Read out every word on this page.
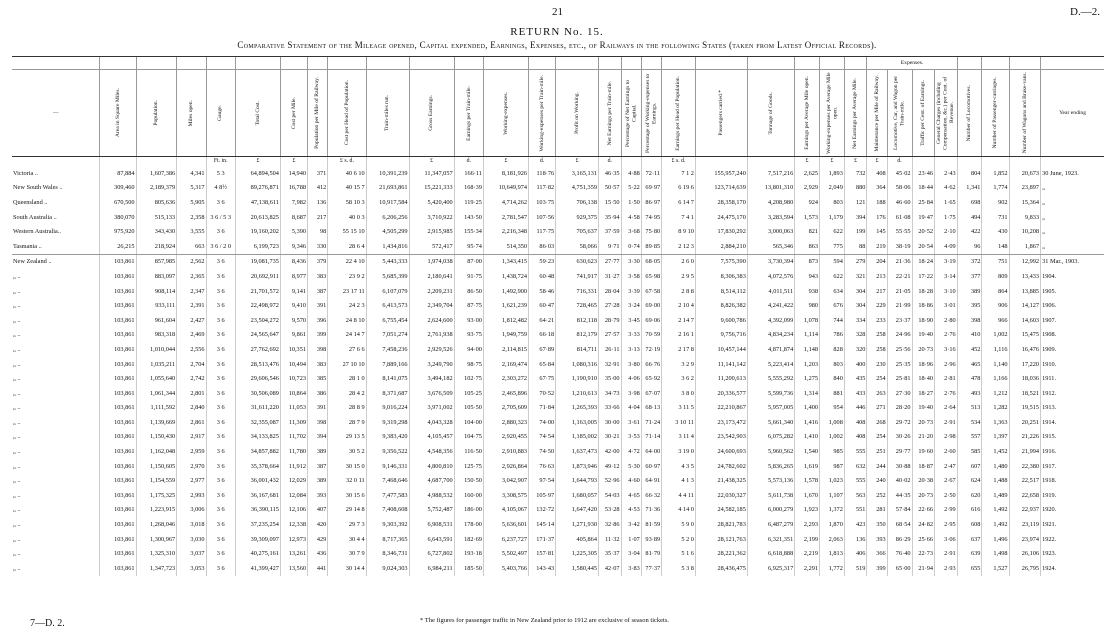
21	D.—2.
RETURN No. 15.
Comparative Statement of the Mileage opened, Capital expended, Earnings, Expenses, etc., of Railways in the following States (taken from Latest Official Records).
																								Expenses.							
—	Area in Square Miles.	Population.	Miles open.	Gauge.	Total Cost.	Cost per Mile.	Population per Mile of Railway.	Cost per Head of Population.	Train-miles run.	Gross Earnings.	Earnings per Train-mile.	Working-expenses.	Working-expenses per Train-mile.	Profit on Working.	Net Earnings per Train-mile.	Percentage of Net Earnings to Capital.	Percentage of Working-expenses to Earnings.	Earnings per Head of Population.	Passengers carried.*	Tonnage of Goods.	Earnings per Average Mile open.	Working-expenses per Average Mile open.	Net Earnings per Average Mile.	Maintenance per Mile of Railway.	Locomotive, Car, and Wagon per Train-mile.	Traffic per Cent. of Earnings.	General Charges (including Compensation, &c.) per Cent. of Revenue.	Number of Locomotives.	Number of Passenger-carriages.	Number of Wagons and Brake-vans.	Year ending
				Ft. in.	£	£		£ s. d.		£	d.	£	d.	£	d.			£ s. d.			£	£	£	£	d.						
Victoria ..	87,884	1,607,386	4,341	5 3	64,894,504	14,940	371	40 6 10	10,391,239	11,347,057	166·11	8,181,926	118·76	3,165,131	46·35	4·88	72·11	7 1 2	155,957,240	7,517,216	2,625	1,893	732	408	45·02	23·46	2·43	804	1,852	20,673	30 June, 1923.
New South Wales ..	309,460	2,189,379	5,317	4 8½	89,276,871	16,788	412	40 15 7	21,693,861	15,221,333	168·39	10,649,974	117·82	4,751,359	50·57	5·22	69·97	6 19 6	123,714,639	13,801,310	2,929	2,049	880	364	58·06	18·44	4·62	1,341	1,774	23,897	„
Queensland ..	670,500	805,636	5,905	3 6	47,138,611	7,982	136	58 10 3	10,917,584	5,420,400	119·25	4,714,262	103·75	706,138	15·50	1·50	86·97	6 14 7	28,358,170	4,208,980	924	803	121	188	46·60	25·84	1·65	698	902	15,364	„
South Australia ..	380,070	515,133	2,358	3 6 / 5 3	20,613,825	8,687	217	40 0 3	6,206,256	3,710,922	143·50	2,781,547	107·56	929,375	35·94	4·58	74·95	7 4 1	24,475,170	3,283,594	1,573	1,179	394	176	61·08	19·47	1·75	494	731	9,833	„
Western Australia..	975,920	343,430	3,555	3 6	19,160,202	5,390	98	55 15 10	4,505,299	2,915,985	155·34	2,216,348	117·75	705,637	37·59	3·68	75·80	8 9 10	17,830,292	3,000,063	821	622	199	145	55·55	20·52	2·10	422	430	10,208	„
Tasmania ..	26,215	218,924	663	3 6 / 2 0	6,199,723	9,346	330	28 6 4	1,434,816	572,417	95·74	514,350	86·03	58,066	9·71	0·74	89·85	2 12 3	2,884,210	565,346	863	775	88	219	38·19	20·54	4·09	96	148	1,867	„
New Zealand ..	103,861	857,985	2,562	3 6	19,081,735	8,436	379	22 4 10	5,443,333	1,974,038	87·00	1,343,415	59·23	630,623	27·77	3·30	68·05	2 6 0	7,575,390	3,730,394	873	594	279	204	21·36	18·24	3·19	372	751	12,992	31 Mar., 1903.
„ ..	103,861	883,097	2,365	3 6	20,692,911	8,977	383	23 9 2	5,685,399	2,180,641	91·75	1,438,724	60·48	741,917	31·27	3·58	65·98	2 9 5	8,306,383	4,072,576	943	622	321	213	22·21	17·22	3·14	377	809	13,433	1904.
„ ..	103,861	908,114	2,347	3 6	21,701,572	9,141	387	23 17 11	6,107,079	2,209,231	86·50	1,492,900	58·46	716,331	28·04	3·39	67·58	2 8 8	8,514,112	4,011,511	938	634	304	217	21·05	18·28	3·10	389	864	13,885	1905.
„ ..	103,861	933,111	2,391	3 6	22,498,972	9,410	391	24 2 3	6,413,573	2,349,704	87·75	1,621,239	60·47	728,465	27·28	3·24	69·00	2 10 4	8,826,382	4,241,422	980	676	304	229	21·99	18·86	3·01	395	906	14,127	1906.
„ ..	103,861	961,604	2,427	3 6	23,504,272	9,570	396	24 8 10	6,755,454	2,624,600	93·00	1,812,482	64·21	812,118	28·79	3·45	69·06	2 14 7	9,600,786	4,392,099	1,078	744	334	233	23·37	18·90	2·80	398	966	14,603	1907.
„ ..	103,861	983,318	2,469	3 6	24,565,647	9,861	399	24 14 7	7,051,274	2,761,938	93·75	1,949,759	66·18	812,179	27·57	3·33	70·59	2 16 1	9,756,716	4,834,234	1,114	786	328	258	24·96	19·40	2·76	410	1,002	15,475	1908.
„ ..	103,861	1,010,044	2,556	3 6	27,762,692	10,351	398	27 6 6	7,458,236	2,929,526	94·00	2,114,815	67·89	814,711	26·11	3·13	72·19	2 17 8	10,457,144	4,871,874	1,148	828	320	258	25·56	20·73	3·16	452	1,116	16,476	1909.
„ ..	103,861	1,035,211	2,704	3 6	28,513,476	10,494	383	27 10 10	7,889,166	3,249,790	98·75	2,169,474	65·84	1,080,316	32·91	3·80	66·76	3 2 9	11,141,142	5,223,414	1,203	803	400	230	25·35	18·96	2·96	465	1,140	17,220	1910.
„ ..	103,861	1,055,640	2,742	3 6	29,606,546	10,723	385	28 1 0	8,141,075	3,494,182	102·75	2,303,272	67·75	1,190,910	35·00	4·06	65·92	3 6 2	11,200,613	5,555,292	1,275	840	435	254	25·81	18·40	2·81	478	1,166	18,036	1911.
„ ..	103,861	1,061,344	2,801	3 6	30,506,089	10,864	386	28 4 2	8,371,687	3,676,509	105·25	2,465,896	70·52	1,210,613	34·73	3·98	67·07	3 8 0	20,336,577	5,599,736	1,314	881	433	263	27·30	18·27	2·76	493	1,212	18,521	1912.
„ ..	103,861	1,111,592	2,840	3 6	31,611,220	11,053	391	28 8 9	9,016,224	3,971,002	105·50	2,705,609	71·84	1,265,393	33·66	4·04	68·13	3 11 5	22,210,867	5,957,005	1,400	954	446	271	28·20	19·40	2·64	513	1,282	19,515	1913.
„ ..	103,861	1,139,669	2,861	3 6	32,355,087	11,309	398	28 7 9	9,319,298	4,043,328	104·00	2,880,323	74·00	1,163,005	30·00	3·61	71·24	3 10 11	23,173,472	5,661,340	1,416	1,008	408	268	29·72	20·73	2·91	534	1,363	20,251	1914.
„ ..	103,861	1,150,430	2,917	3 6	34,133,825	11,702	394	29 13 5	9,383,420	4,105,457	104·75	2,920,455	74·54	1,185,002	30·21	3·53	71·14	3 11 4	23,542,903	6,075,282	1,410	1,002	408	254	30·26	21·20	2·98	557	1,397	21,226	1915.
„ ..	103,861	1,162,048	2,959	3 6	34,857,882	11,780	389	30 5 2	9,356,522	4,548,356	116·50	2,910,883	74·50	1,637,473	42·00	4·72	64·00	3 19 0	24,600,693	5,960,562	1,540	985	555	251	29·77	19·60	2·60	585	1,452	21,994	1916.
„ ..	103,861	1,150,605	2,970	3 6	35,378,664	11,912	387	30 15 0	9,146,331	4,800,810	125·75	2,926,864	76·63	1,873,946	49·12	5·30	60·97	4 3 5	24,782,602	5,836,265	1,619	987	632	244	30·88	18·87	2·47	607	1,480	22,380	1917.
„ ..	103,861	1,154,559	2,977	3 6	36,001,432	12,029	389	32 0 11	7,468,646	4,687,700	150·50	3,042,907	97·54	1,644,793	52·96	4·60	64·91	4 1 3	21,438,325	5,573,136	1,578	1,023	555	240	40·02	20·38	2·67	624	1,488	22,517	1918.
„ ..	103,861	1,175,325	2,993	3 6	36,167,681	12,084	393	30 15 6	7,477,583	4,988,532	160·00	3,308,575	105·97	1,680,057	54·03	4·65	66·32	4 4 11	22,030,327	5,611,738	1,670	1,107	563	252	44·35	20·73	2·50	620	1,489	22,658	1919.
„ ..	103,861	1,223,915	3,006	3 6	36,390,115	12,106	407	29 14 8	7,408,608	5,752,487	186·00	4,105,067	132·72	1,647,420	53·28	4·53	71·36	4 14 0	24,582,185	6,000,279	1,923	1,372	551	281	57·84	22·66	2·99	616	1,492	22,937	1920.
„ ..	103,861	1,268,046	3,018	3 6	37,235,254	12,338	420	29 7 3	9,303,392	6,908,531	178·00	5,636,601	145·14	1,271,930	32·86	3·42	81·59	5 9 0	28,821,783	6,487,279	2,293	1,870	423	350	68·54	24·82	2·95	608	1,492	23,119	1921.
„ ..	103,861	1,300,967	3,030	3 6	39,309,097	12,973	429	30 4 4	8,717,365	6,643,591	182·69	6,237,727	171·37	405,864	11·32	1·07	93·89	5 2 0	28,121,763	6,321,351	2,199	2,063	136	393	86·29	25·66	3·06	637	1,496	23,974	1922.
„ ..	103,861	1,325,310	3,037	3 6	40,275,161	13,261	436	30 7 9	8,346,731	6,727,802	193·18	5,502,497	157·81	1,225,305	35·37	3·04	81·79	5 1 6	28,221,362	6,618,888	2,219	1,813	406	366	76·40	22·73	2·91	639	1,498	26,106	1923.
„ ..	103,861	1,347,723	3,053	3 6	41,399,427	13,560	441	30 14 4	9,024,303	6,984,211	185·50	5,403,766	143·43	1,580,445	42·07	3·83	77·37	5 3 8	28,436,475	6,925,317	2,291	1,772	519	399	65·00	21·94	2·93	655	1,527	26,795	1924.
7—D. 2.	* The figures for passenger traffic in New Zealand prior to 1912 are exclusive of season tickets.
